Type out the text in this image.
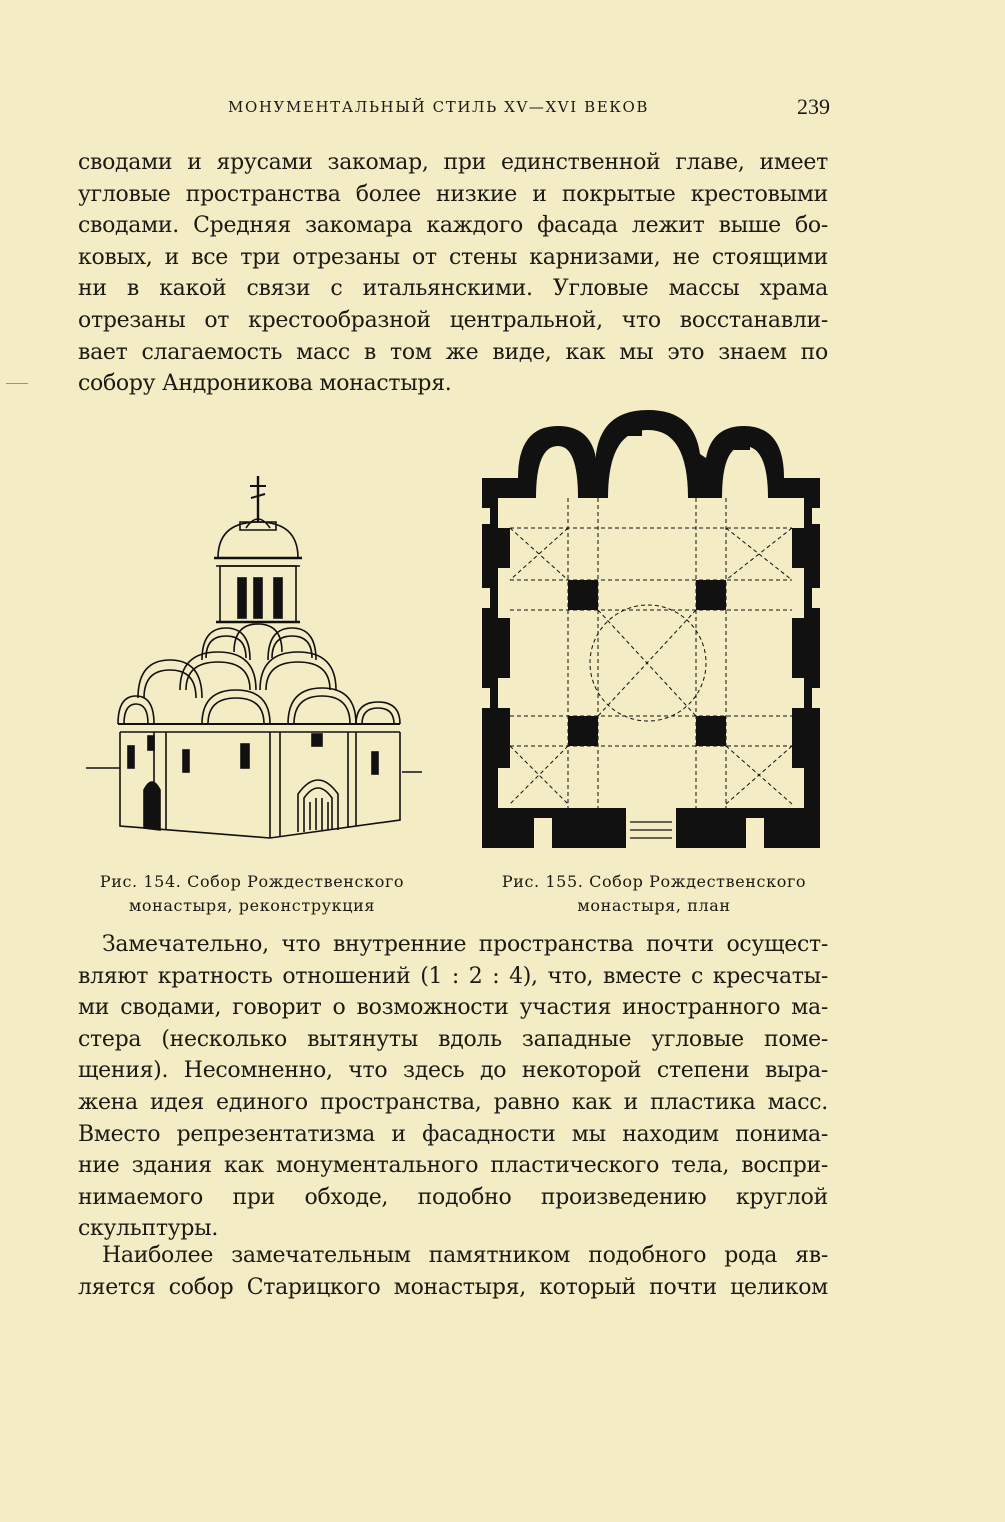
МОНУМЕНТАЛЬНЫЙ СТИЛЬ XV—XVI ВЕКОВ	239
сводами и ярусами закомар, при единственной главе, имеет
угловые пространства более низкие и покрытые крестовыми
сводами. Средняя закомара каждого фасада лежит выше бо-
ковых, и все три отрезаны от стены карнизами, не стоящими
ни в какой связи с итальянскими. Угловые массы храма
отрезаны от крестообразной центральной, что восстанавли-
вает слагаемость масс в том же виде, как мы это знаем по
собору Андроникова монастыря.
Рис. 154. Собор Рождественского
монастыря, реконструкция
Рис. 155. Собор Рождественского
монастыря, план
Замечательно, что внутренние пространства почти осущест-
вляют кратность отношений (1 : 2 : 4), что, вместе с кресчаты-
ми сводами, говорит о возможности участия иностранного ма-
стера (несколько вытянуты вдоль западные угловые поме-
щения). Несомненно, что здесь до некоторой степени выра-
жена идея единого пространства, равно как и пластика масс.
Вместо репрезентатизма и фасадности мы находим понима-
ние здания как монументального пластического тела, воспри-
нимаемого при обходе, подобно произведению круглой
скульптуры.
Наиболее замечательным памятником подобного рода яв-
ляется собор Старицкого монастыря, который почти целиком
